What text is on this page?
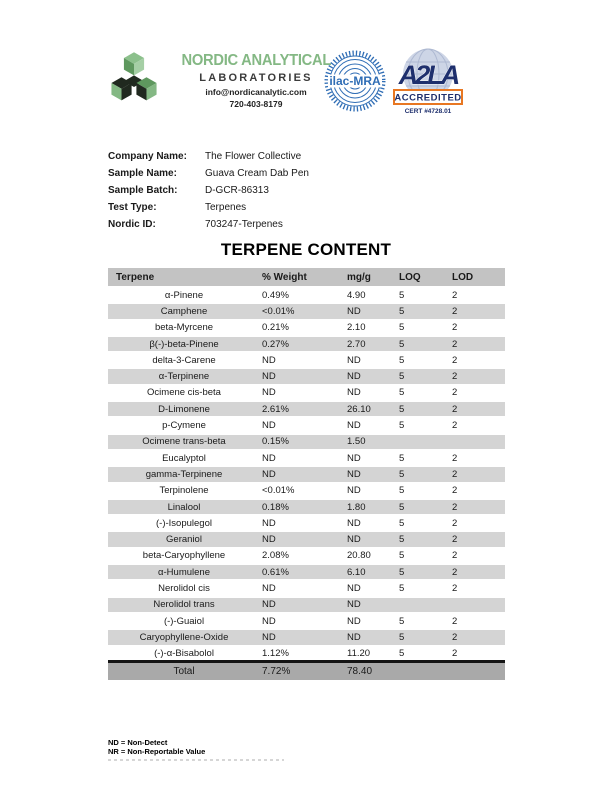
NORDIC ANALYTICAL
LABORATORIES
info@nordicanalytic.com
720-403-8179
ilac-MRA A2LA
ACCREDITED
CERT #4728.01
Company Name:	The Flower Collective
Sample Name:	Guava Cream Dab Pen
Sample Batch:	D-GCR-86313
Test Type:	Terpenes
Nordic ID:	703247-Terpenes
TERPENE CONTENT
Terpene	% Weight	mg/g	LOQ	LOD
α-Pinene	0.49%	4.90	5	2
Camphene	<0.01%	ND	5	2
beta-Myrcene	0.21%	2.10	5	2
β(-)-beta-Pinene	0.27%	2.70	5	2
delta-3-Carene	ND	ND	5	2
α-Terpinene	ND	ND	5	2
Ocimene cis-beta	ND	ND	5	2
D-Limonene	2.61%	26.10	5	2
p-Cymene	ND	ND	5	2
Ocimene trans-beta	0.15%	1.50		
Eucalyptol	ND	ND	5	2
gamma-Terpinene	ND	ND	5	2
Terpinolene	<0.01%	ND	5	2
Linalool	0.18%	1.80	5	2
(-)-Isopulegol	ND	ND	5	2
Geraniol	ND	ND	5	2
beta-Caryophyllene	2.08%	20.80	5	2
α-Humulene	0.61%	6.10	5	2
Nerolidol cis	ND	ND	5	2
Nerolidol trans	ND	ND		
(-)-Guaiol	ND	ND	5	2
Caryophyllene-Oxide	ND	ND	5	2
(-)-α-Bisabolol	1.12%	11.20	5	2
Total	7.72%	78.40		
ND = Non-Detect
NR = Non-Reportable Value
